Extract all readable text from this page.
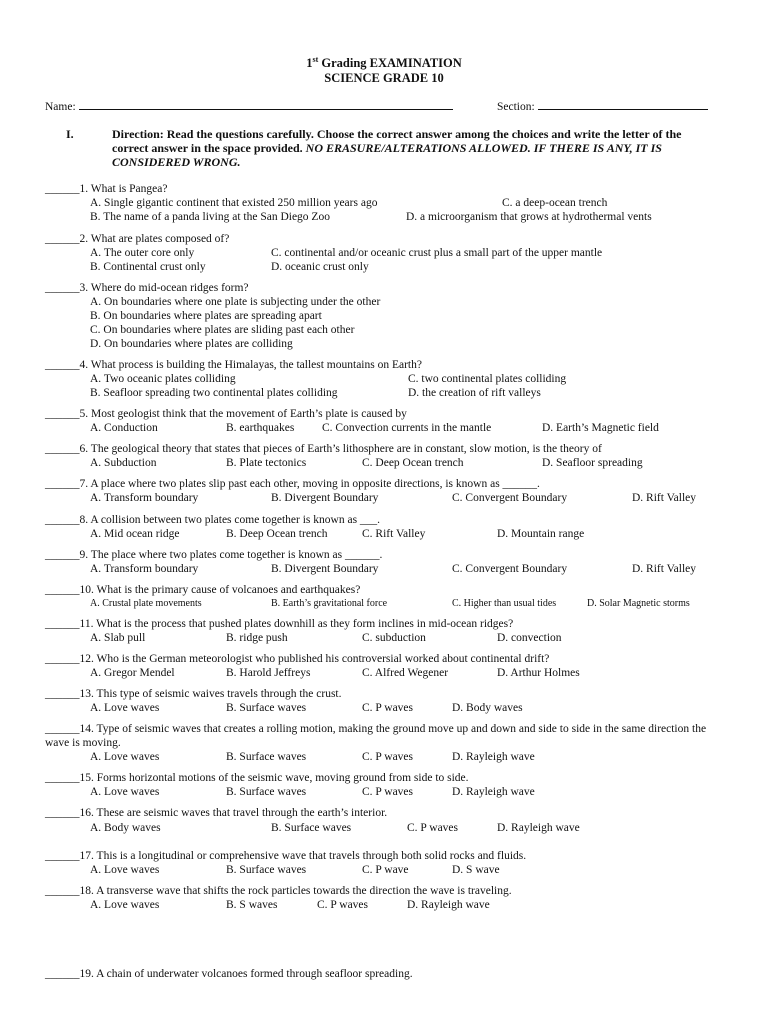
1st Grading EXAMINATION
SCIENCE GRADE 10
Name:	Section:
I.	Direction: Read the questions carefully. Choose the correct answer among the choices and write the letter of the correct answer in the space provided. NO ERASURE/ALTERATIONS ALLOWED. IF THERE IS ANY, IT IS CONSIDERED WRONG.
______1. What is Pangea?
A. Single gigantic continent that existed 250 million years ago	C. a deep-ocean trench
B. The name of a panda living at the San Diego Zoo	D. a microorganism that grows at hydrothermal vents
______2. What are plates composed of?
A. The outer core only	C. continental and/or oceanic crust plus a small part of the upper mantle
B. Continental crust only	D. oceanic crust only
______3. Where do mid-ocean ridges form?
A. On boundaries where one plate is subjecting under the other
B. On boundaries where plates are spreading apart
C. On boundaries where plates are sliding past each other
D. On boundaries where plates are colliding
______4. What process is building the Himalayas, the tallest mountains on Earth?
A. Two oceanic plates colliding	C. two continental plates colliding
B. Seafloor spreading two continental plates colliding	D. the creation of rift valleys
______5. Most geologist think that the movement of Earth’s plate is caused by
A. Conduction	B. earthquakes C. Convection currents in the mantle	D. Earth’s Magnetic field
______6. The geological theory that states that pieces of Earth’s lithosphere are in constant, slow motion, is the theory of
A. Subduction	B. Plate tectonics	C. Deep Ocean trench	D. Seafloor spreading
______7. A place where two plates slip past each other, moving in opposite directions, is known as ______.
A. Transform boundary	B. Divergent Boundary	C. Convergent Boundary	D. Rift Valley
______8. A collision between two plates come together is known as ___.
A. Mid ocean ridge	B. Deep Ocean trench	C. Rift Valley	D. Mountain range
______9. The place where two plates come together is known as ______.
A. Transform boundary	B. Divergent Boundary	C. Convergent Boundary	D. Rift Valley
______10. What is the primary cause of volcanoes and earthquakes?
A. Crustal plate movements	B. Earth’s gravitational force	C. Higher than usual tides	D. Solar Magnetic storms
______11. What is the process that pushed plates downhill as they form inclines in mid-ocean ridges?
A. Slab pull	B. ridge push	C. subduction	D. convection
______12. Who is the German meteorologist who published his controversial worked about continental drift?
A. Gregor Mendel	B. Harold Jeffreys	C. Alfred Wegener	D. Arthur Holmes
______13. This type of seismic waives travels through the crust.
A. Love waves	B. Surface waves	C. P waves	D. Body waves
______14. Type of seismic waves that creates a rolling motion, making the ground move up and down and side to side in the same direction the wave is moving.
A. Love waves	B. Surface waves	C. P waves	D. Rayleigh wave
______15. Forms horizontal motions of the seismic wave, moving ground from side to side.
A. Love waves	B. Surface waves	C. P waves	D. Rayleigh wave
______16. These are seismic waves that travel through the earth’s interior.
A. Body waves	B. Surface waves	C. P waves	D. Rayleigh wave
______17. This is a longitudinal or comprehensive wave that travels through both solid rocks and fluids.
A. Love waves	B. Surface waves	C. P wave	D. S wave
______18. A transverse wave that shifts the rock particles towards the direction the wave is traveling.
A. Love waves	B. S waves	C. P waves	D. Rayleigh wave
______19. A chain of underwater volcanoes formed through seafloor spreading.
